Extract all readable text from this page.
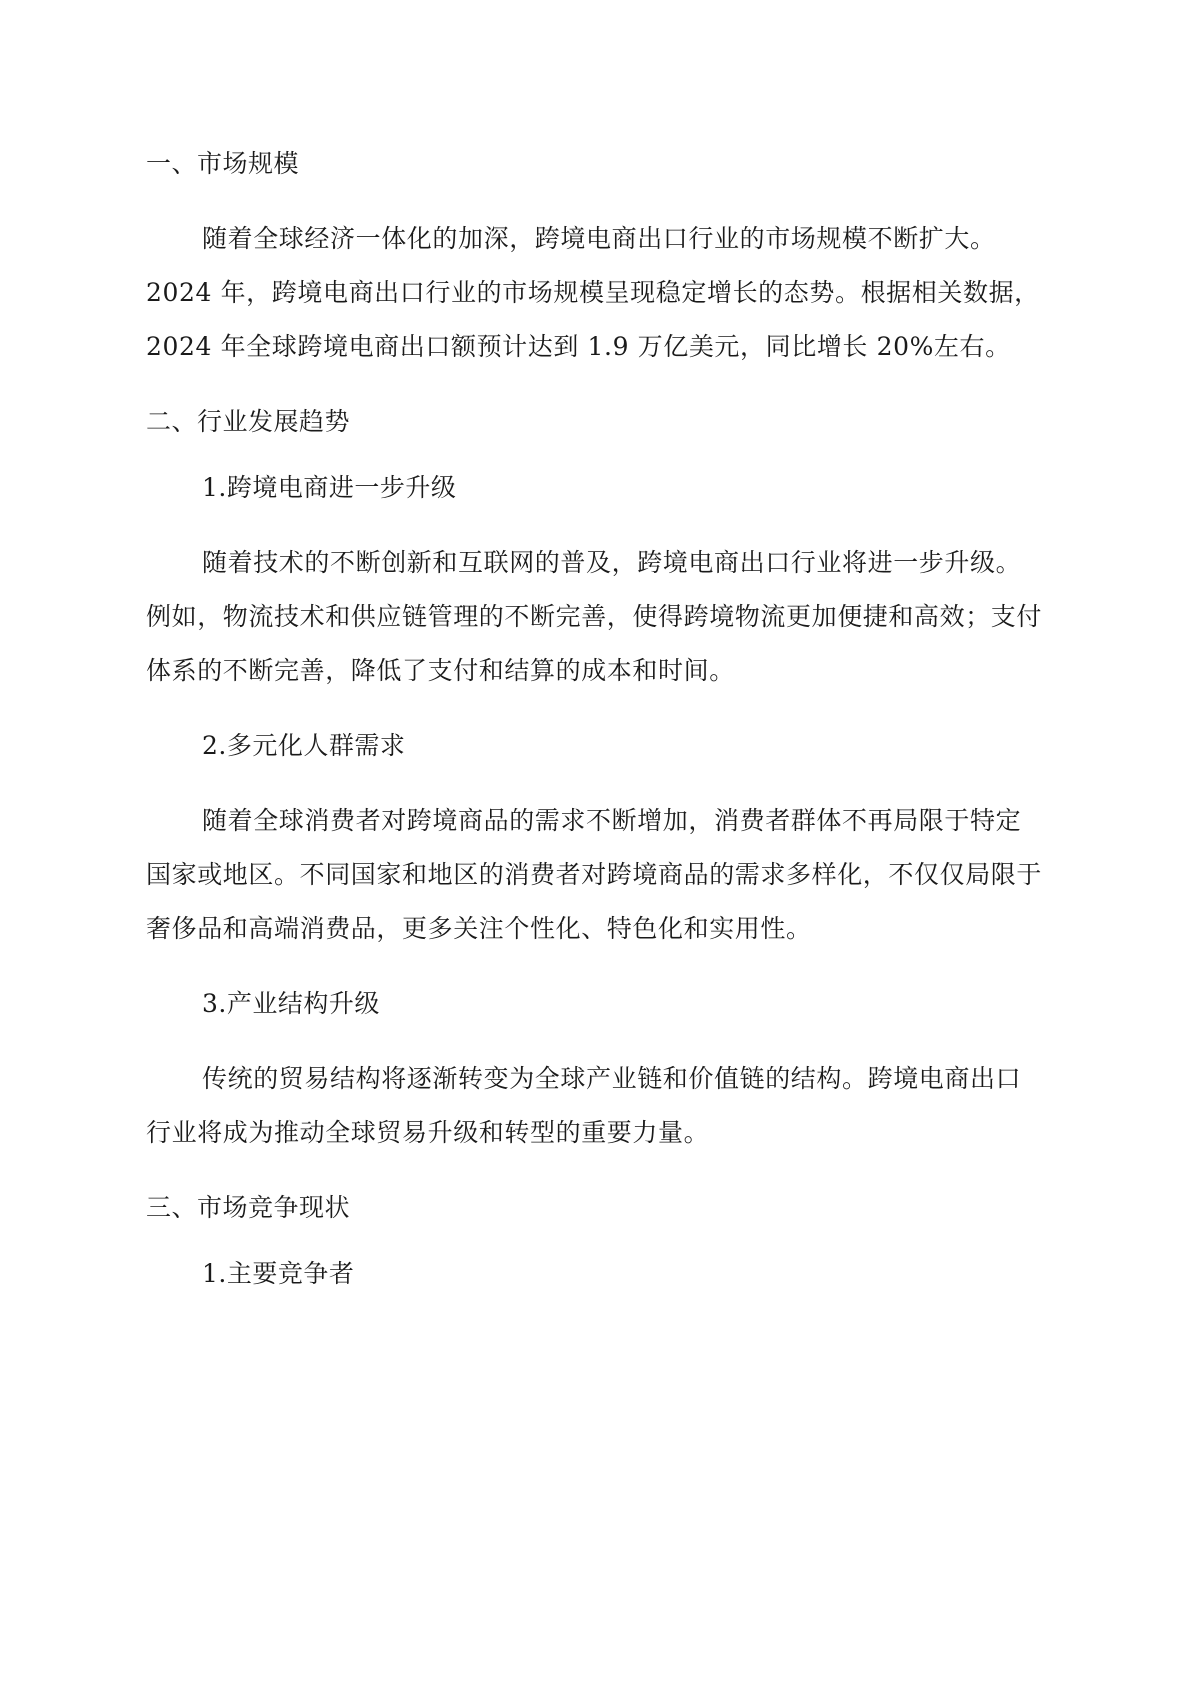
一、市场规模

随着全球经济一体化的加深，跨境电商出口行业的市场规模不断扩大。2024 年，跨境电商出口行业的市场规模呈现稳定增长的态势。根据相关数据，2024 年全球跨境电商出口额预计达到 1.9 万亿美元，同比增长 20%左右。

二、行业发展趋势
1.跨境电商进一步升级

随着技术的不断创新和互联网的普及，跨境电商出口行业将进一步升级。例如，物流技术和供应链管理的不断完善，使得跨境物流更加便捷和高效；支付体系的不断完善，降低了支付和结算的成本和时间。

2.多元化人群需求

随着全球消费者对跨境商品的需求不断增加，消费者群体不再局限于特定国家或地区。不同国家和地区的消费者对跨境商品的需求多样化，不仅仅局限于奢侈品和高端消费品，更多关注个性化、特色化和实用性。

3.产业结构升级

传统的贸易结构将逐渐转变为全球产业链和价值链的结构。跨境电商出口行业将成为推动全球贸易升级和转型的重要力量。

三、市场竞争现状
1.主要竞争者
